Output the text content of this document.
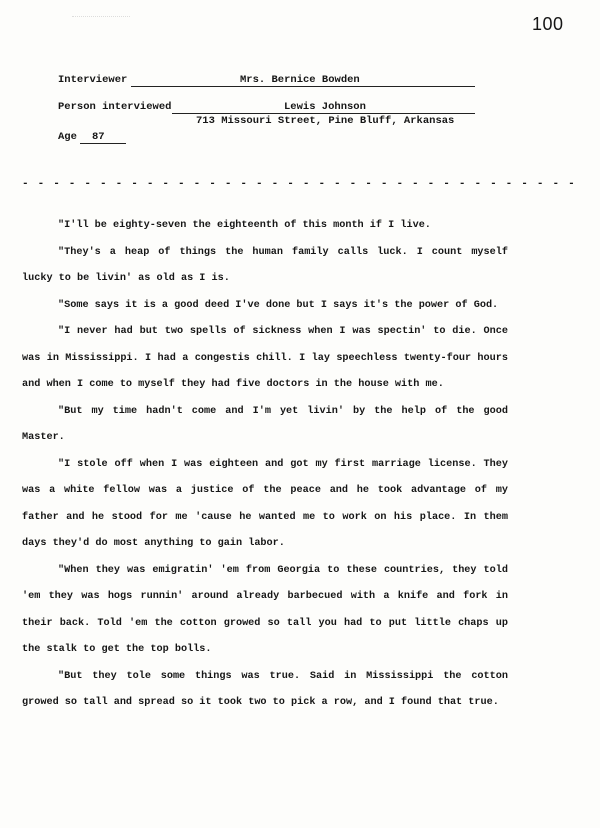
100
Interviewer	Mrs. Bernice Bowden
Person interviewed	Lewis Johnson
713 Missouri Street, Pine Bluff, Arkansas
Age 87
- - - - - - - - - - - - - - - - - - - - - - - - - - - - - - - - - - - -

"I'll be eighty-seven the eighteenth of this month if I live.

"They's a heap of things the human family calls luck. I count myself lucky to be livin' as old as I is.

"Some says it is a good deed I've done but I says it's the power of God.

"I never had but two spells of sickness when I was spectin' to die. Once was in Mississippi. I had a congestis chill. I lay speechless twenty-four hours and when I come to myself they had five doctors in the house with me.

"But my time hadn't come and I'm yet livin' by the help of the good Master.

"I stole off when I was eighteen and got my first marriage license. They was a white fellow was a justice of the peace and he took advantage of my father and he stood for me 'cause he wanted me to work on his place. In them days they'd do most anything to gain labor.

"When they was emigratin' 'em from Georgia to these countries, they told 'em they was hogs runnin' around already barbecued with a knife and fork in their back. Told 'em the cotton growed so tall you had to put little chaps up the stalk to get the top bolls.

"But they tole some things was true. Said in Mississippi the cotton growed so tall and spread so it took two to pick a row, and I found that true.
